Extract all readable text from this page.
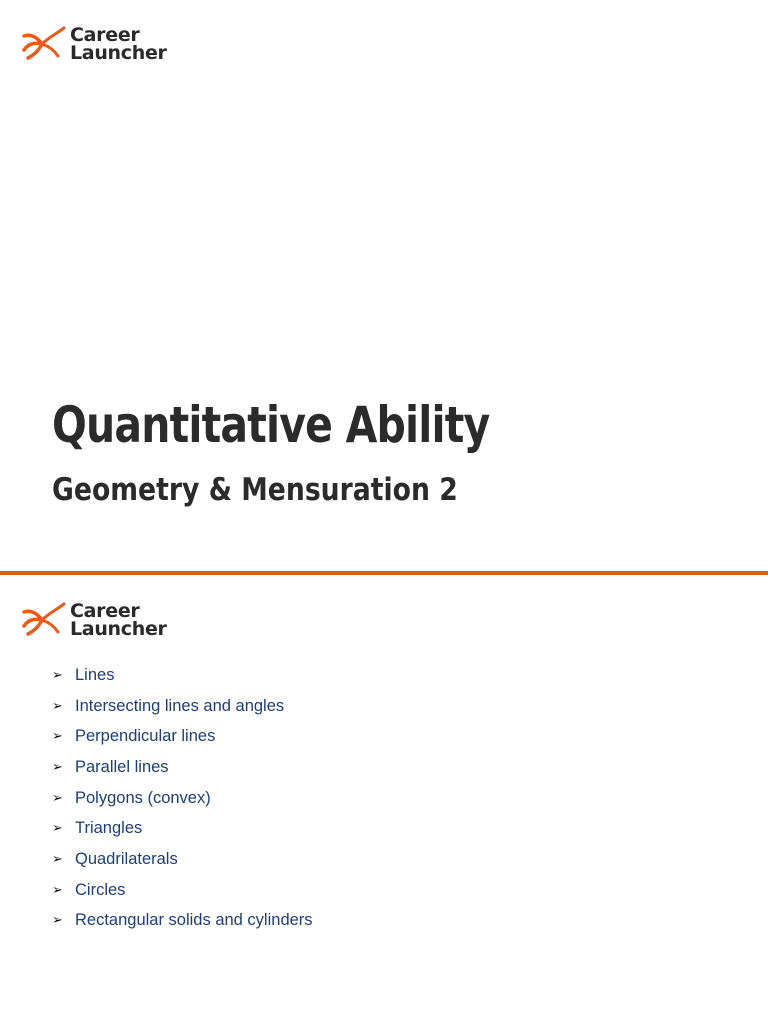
Career
Launcher
Quantitative Ability
Geometry & Mensuration 2
Career
Launcher
➢ Lines
➢ Intersecting lines and angles
➢ Perpendicular lines
➢ Parallel lines
➢ Polygons (convex)
➢ Triangles
➢ Quadrilaterals
➢ Circles
➢ Rectangular solids and cylinders
